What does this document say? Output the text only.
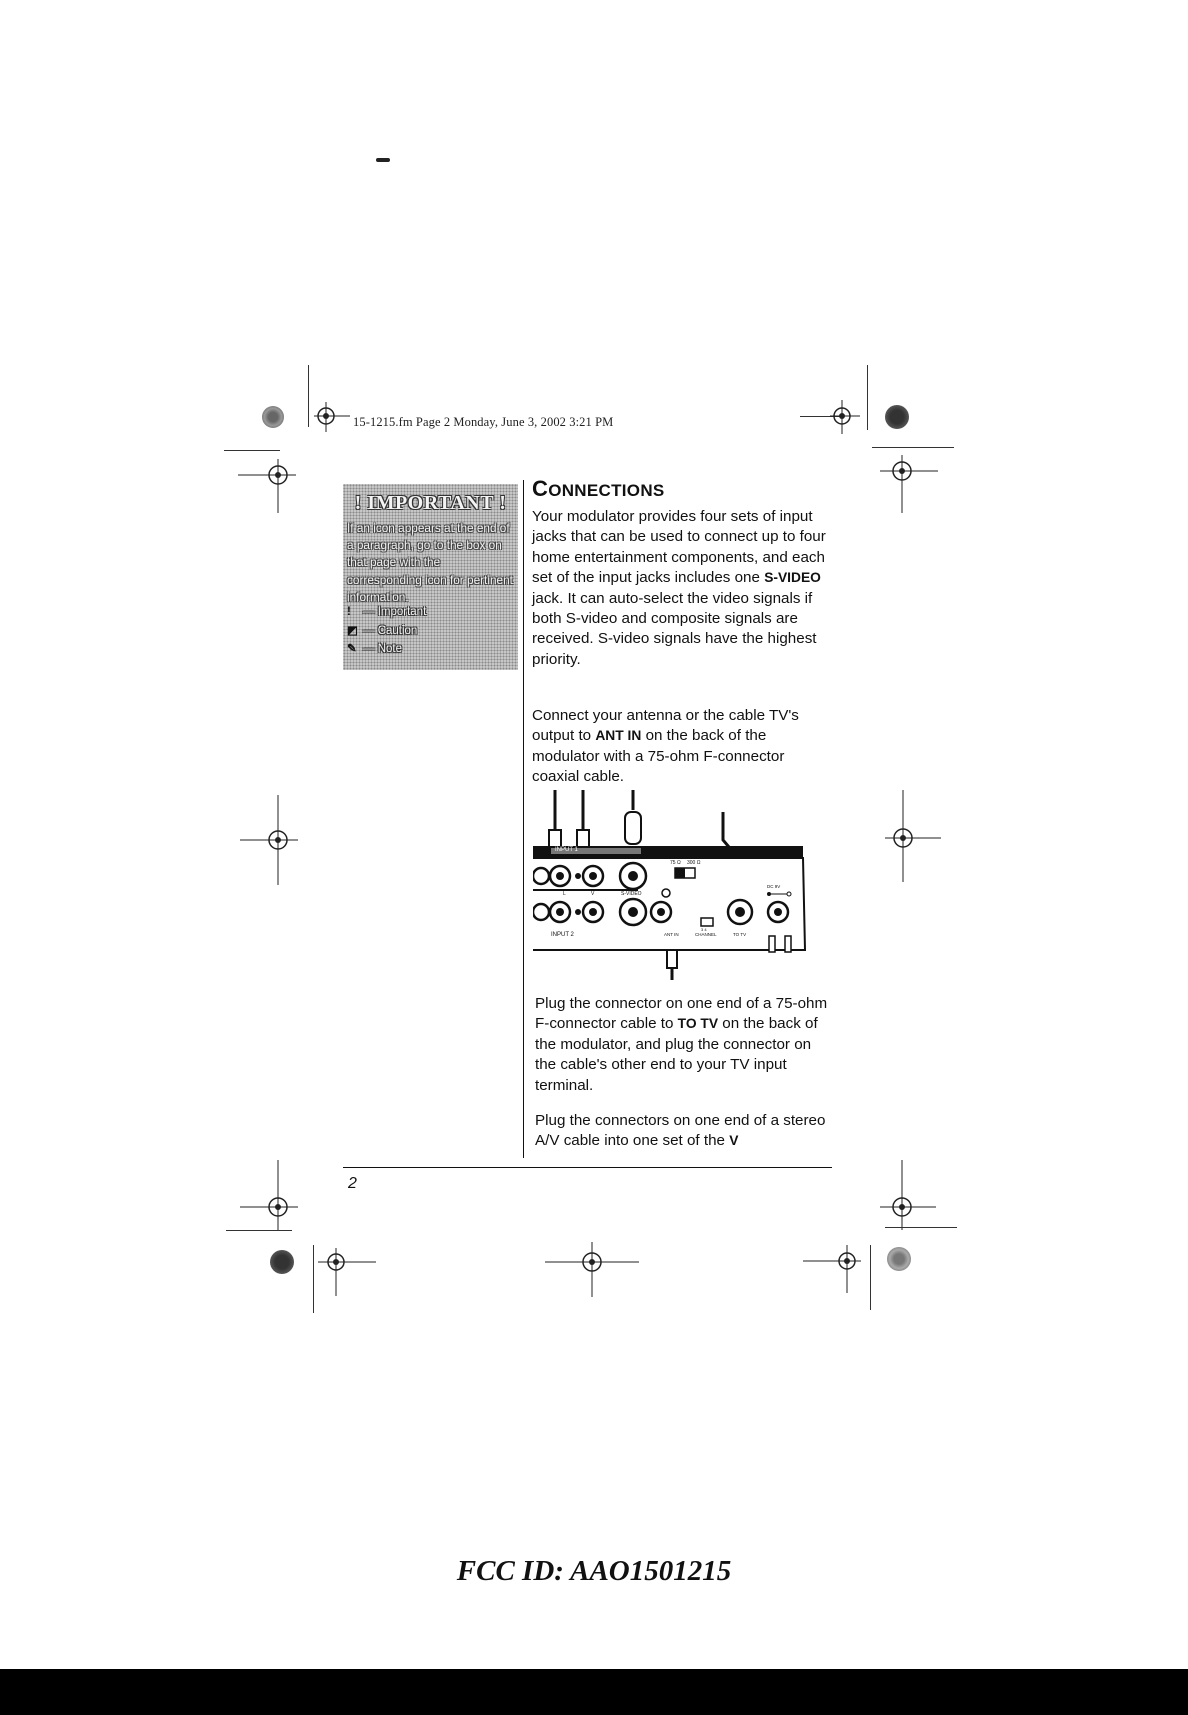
15-1215.fm Page 2 Monday, June 3, 2002 3:21 PM
! IMPORTANT !
If an icon appears at the end of a paragraph, go to the box on that page with the corresponding icon for pertinent information.
! — Important
◩ — Caution
✎ — Note
CONNECTIONS
Your modulator provides four sets of input jacks that can be used to connect up to four home entertainment components, and each set of the input jacks includes one S-VIDEO jack. It can auto-select the video signals if both S-video and composite signals are received. S-video signals have the highest priority.
Connect your antenna or the cable TV's output to ANT IN on the back of the modulator with a 75-ohm F-connector coaxial cable.
INPUT 1
INPUT 2
S-VIDEO
L	V
75 Ω 300 Ω
ANT IN	CHANNEL
3 4
TO TV
DC 9V
Plug the connector on one end of a 75-ohm F-connector cable to TO TV on the back of the modulator, and plug the connector on the cable's other end to your TV input terminal.
Plug the connectors on one end of a stereo A/V cable into one set of the V
2
FCC ID: AAO1501215
